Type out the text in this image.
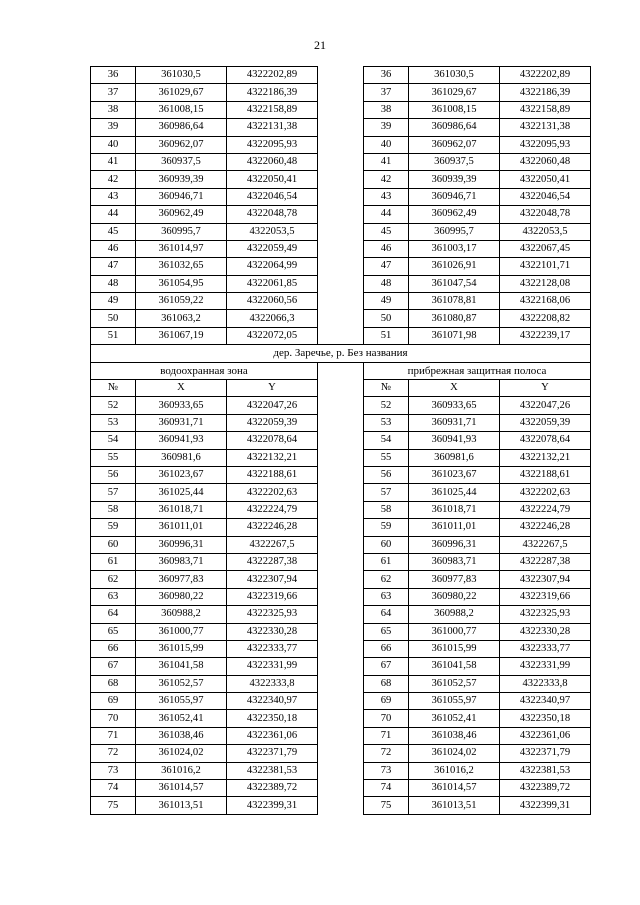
21
36	361030,5	4322202,89		36	361030,5	4322202,89
37	361029,67	4322186,39		37	361029,67	4322186,39
38	361008,15	4322158,89		38	361008,15	4322158,89
39	360986,64	4322131,38		39	360986,64	4322131,38
40	360962,07	4322095,93		40	360962,07	4322095,93
41	360937,5	4322060,48		41	360937,5	4322060,48
42	360939,39	4322050,41		42	360939,39	4322050,41
43	360946,71	4322046,54		43	360946,71	4322046,54
44	360962,49	4322048,78		44	360962,49	4322048,78
45	360995,7	4322053,5		45	360995,7	4322053,5
46	361014,97	4322059,49		46	361003,17	4322067,45
47	361032,65	4322064,99		47	361026,91	4322101,71
48	361054,95	4322061,85		48	361047,54	4322128,08
49	361059,22	4322060,56		49	361078,81	4322168,06
50	361063,2	4322066,3		50	361080,87	4322208,82
51	361067,19	4322072,05		51	361071,98	4322239,17
дер. Заречье, р. Без названия						
водоохранная зона				прибрежная защитная полоса		
№	X	Y		№	X	Y
52	360933,65	4322047,26		52	360933,65	4322047,26
53	360931,71	4322059,39		53	360931,71	4322059,39
54	360941,93	4322078,64		54	360941,93	4322078,64
55	360981,6	4322132,21		55	360981,6	4322132,21
56	361023,67	4322188,61		56	361023,67	4322188,61
57	361025,44	4322202,63		57	361025,44	4322202,63
58	361018,71	4322224,79		58	361018,71	4322224,79
59	361011,01	4322246,28		59	361011,01	4322246,28
60	360996,31	4322267,5		60	360996,31	4322267,5
61	360983,71	4322287,38		61	360983,71	4322287,38
62	360977,83	4322307,94		62	360977,83	4322307,94
63	360980,22	4322319,66		63	360980,22	4322319,66
64	360988,2	4322325,93		64	360988,2	4322325,93
65	361000,77	4322330,28		65	361000,77	4322330,28
66	361015,99	4322333,77		66	361015,99	4322333,77
67	361041,58	4322331,99		67	361041,58	4322331,99
68	361052,57	4322333,8		68	361052,57	4322333,8
69	361055,97	4322340,97		69	361055,97	4322340,97
70	361052,41	4322350,18		70	361052,41	4322350,18
71	361038,46	4322361,06		71	361038,46	4322361,06
72	361024,02	4322371,79		72	361024,02	4322371,79
73	361016,2	4322381,53		73	361016,2	4322381,53
74	361014,57	4322389,72		74	361014,57	4322389,72
75	361013,51	4322399,31		75	361013,51	4322399,31
